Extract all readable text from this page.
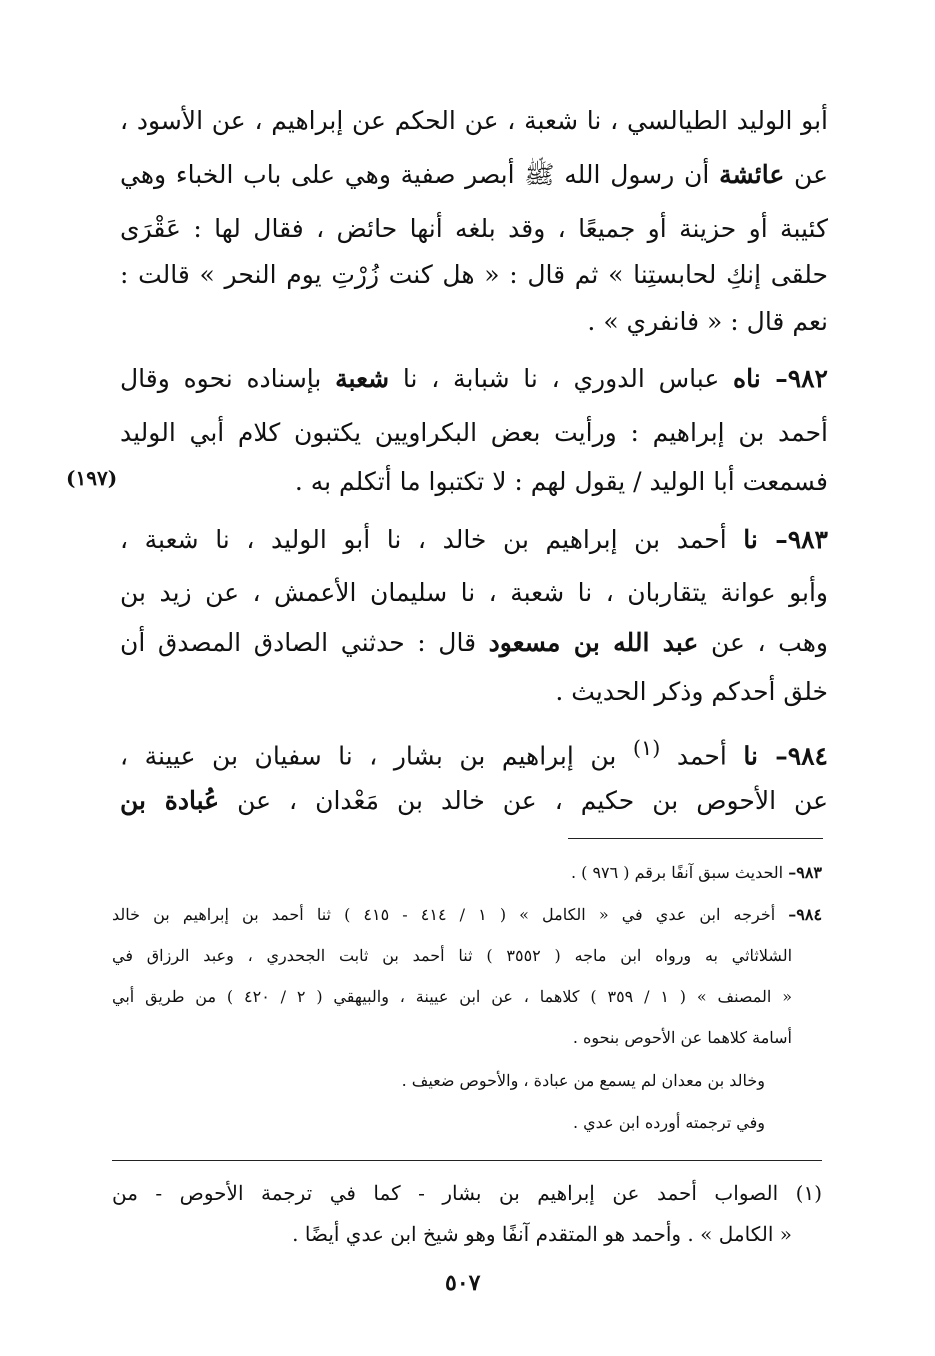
أبو الوليد الطيالسي ، نا شعبة ، عن الحكم عن إبراهيم ، عن الأسود ،
عن عائشة أن رسول الله ﷺ أبصر صفية وهي على باب الخباء وهي
كئيبة أو حزينة أو جميعًا ، وقد بلغه أنها حائض ، فقال لها : عَقْرَى
حلقى إنكِ لحابستِنا » ثم قال : « هل كنت زُرْتِ يوم النحر » قالت :
نعم قال : « فانفري » .
٩٨٢– ناه عباس الدوري ، نا شبابة ، نا شعبة بإسناده نحوه وقال
أحمد بن إبراهيم : ورأيت بعض البكراويين يكتبون كلام أبي الوليد
فسمعت أبا الوليد / يقول لهم : لا تكتبوا ما أتكلم به .
(١٩٧)
٩٨٣– نا أحمد بن إبراهيم بن خالد ، نا أبو الوليد ، نا شعبة ،
وأبو عوانة يتقاربان ، نا شعبة ، نا سليمان الأعمش ، عن زيد بن
وهب ، عن عبد الله بن مسعود قال : حدثني الصادق المصدق أن
خلق أحدكم وذكر الحديث .
٩٨٤– نا أحمد $^{(١)}$ بن إبراهيم بن بشار ، نا سفيان بن عيينة ،
عن الأحوص بن حكيم ، عن خالد بن مَعْدان ، عن عُبادة بن
٩٨٣– الحديث سبق آنفًا برقم ( ٩٧٦ ) .
٩٨٤– أخرجه ابن عدي في « الكامل » ( ١ / ٤١٤ - ٤١٥ ) ثنا أحمد بن إبراهيم بن خالد
الشلاثاثي به ورواه ابن ماجه ( ٣٥٥٢ ) ثنا أحمد بن ثابت الجحدري ، وعبد الرزاق في
« المصنف » ( ١ / ٣٥٩ ) كلاهما ، عن ابن عيينة ، والبيهقي ( ٢ / ٤٢٠ ) من طريق أبي
أسامة كلاهما عن الأحوص بنحوه .
وخالد بن معدان لم يسمع من عبادة ، والأحوص ضعيف .
وفي ترجمته أورده ابن عدي .
(١) الصواب أحمد عن إبراهيم بن بشار - كما في ترجمة الأحوص - من
« الكامل » . وأحمد هو المتقدم آنفًا وهو شيخ ابن عدي أيضًا .
٥٠٧
